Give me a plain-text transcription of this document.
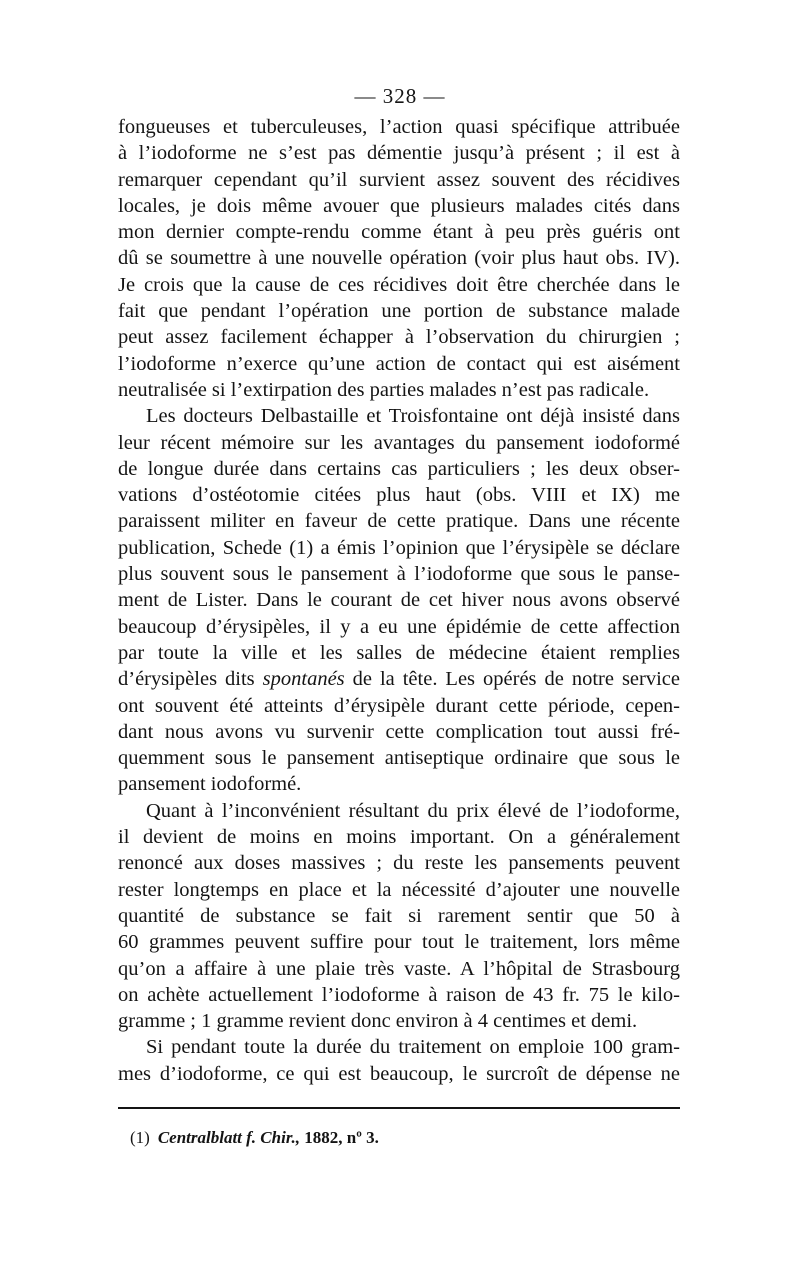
— 328 —
fongueuses et tuberculeuses, l’action quasi spécifique attribuée
à l’iodoforme ne s’est pas démentie jusqu’à présent ; il est à
remarquer cependant qu’il survient assez souvent des récidives
locales, je dois même avouer que plusieurs malades cités dans
mon dernier compte-rendu comme étant à peu près guéris ont
dû se soumettre à une nouvelle opération (voir plus haut obs. IV).
Je crois que la cause de ces récidives doit être cherchée dans le
fait que pendant l’opération une portion de substance malade
peut assez facilement échapper à l’observation du chirurgien ;
l’iodoforme n’exerce qu’une action de contact qui est aisément
neutralisée si l’extirpation des parties malades n’est pas radicale.
Les docteurs Delbastaille et Troisfontaine ont déjà insisté dans
leur récent mémoire sur les avantages du pansement iodoformé
de longue durée dans certains cas particuliers ; les deux obser-
vations d’ostéotomie citées plus haut (obs. VIII et IX) me
paraissent militer en faveur de cette pratique. Dans une récente
publication, Schede (1) a émis l’opinion que l’érysipèle se déclare
plus souvent sous le pansement à l’iodoforme que sous le panse-
ment de Lister. Dans le courant de cet hiver nous avons observé
beaucoup d’érysipèles, il y a eu une épidémie de cette affection
par toute la ville et les salles de médecine étaient remplies
d’érysipèles dits spontanés de la tête. Les opérés de notre service
ont souvent été atteints d’érysipèle durant cette période, cepen-
dant nous avons vu survenir cette complication tout aussi fré-
quemment sous le pansement antiseptique ordinaire que sous le
pansement iodoformé.
Quant à l’inconvénient résultant du prix élevé de l’iodoforme,
il devient de moins en moins important. On a généralement
renoncé aux doses massives ; du reste les pansements peuvent
rester longtemps en place et la nécessité d’ajouter une nouvelle
quantité de substance se fait si rarement sentir que 50 à
60 grammes peuvent suffire pour tout le traitement, lors même
qu’on a affaire à une plaie très vaste. A l’hôpital de Strasbourg
on achète actuellement l’iodoforme à raison de 43 fr. 75 le kilo-
gramme ; 1 gramme revient donc environ à 4 centimes et demi.
Si pendant toute la durée du traitement on emploie 100 gram-
mes d’iodoforme, ce qui est beaucoup, le surcroît de dépense ne
(1) Centralblatt f. Chir., 1882, nº 3.
